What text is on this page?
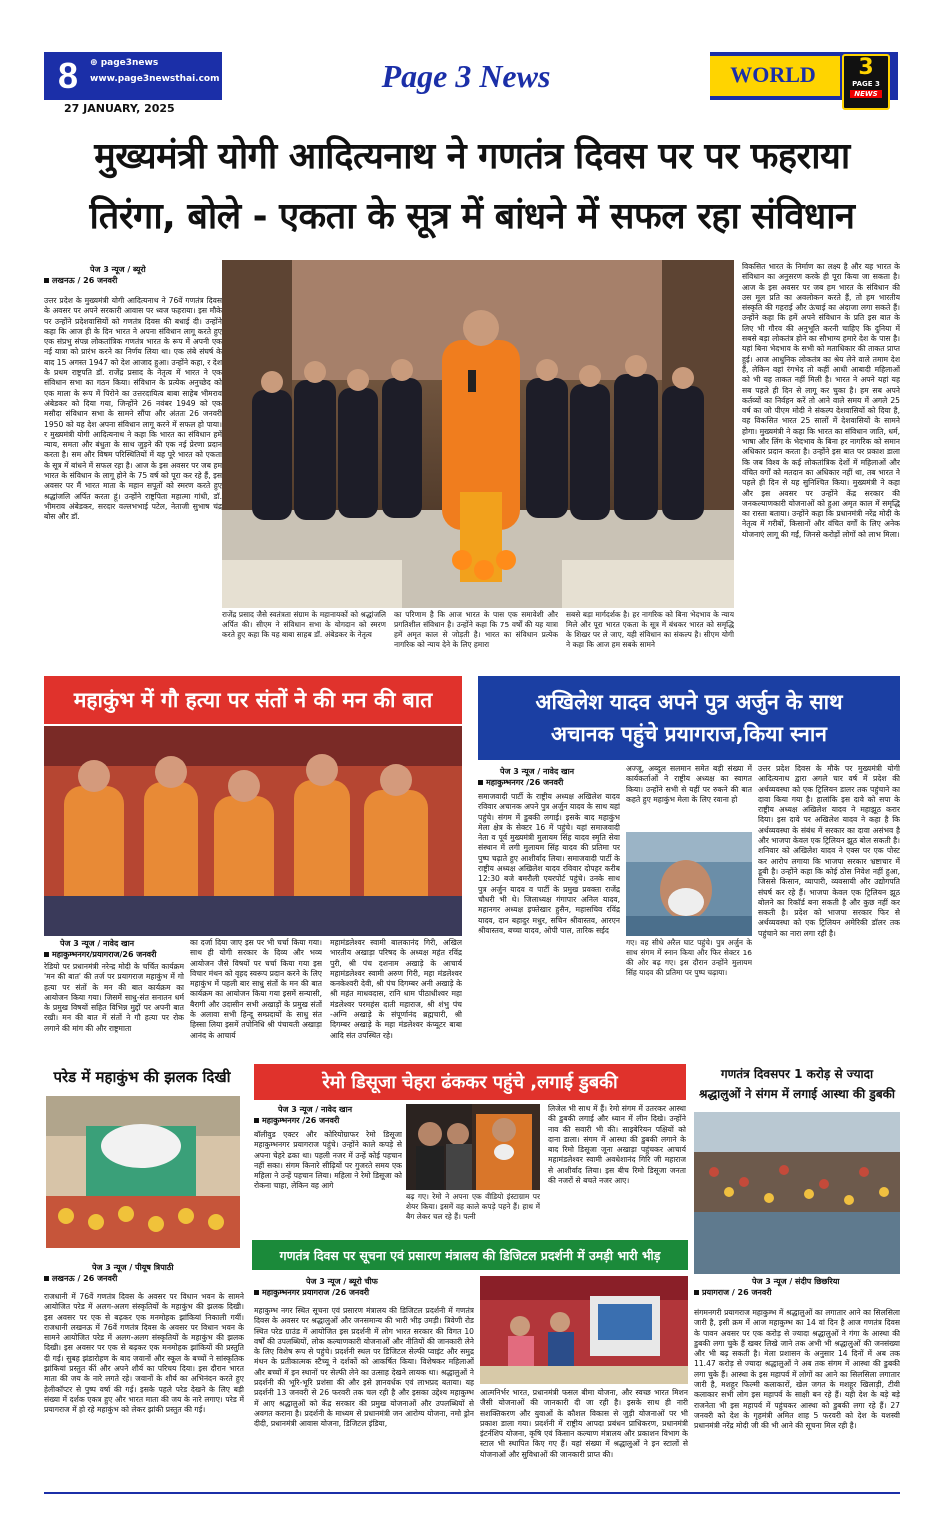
8 ⊕ page3news
www.page3newsthai.com
27 JANUARY, 2025
Page 3 News	WORLD	3
PAGE 3
NEWS
मुख्यमंत्री योगी आदित्यनाथ ने गणतंत्र दिवस पर पर फहराया
तिरंगा, बोले - एकता के सूत्र में बांधने में सफल रहा संविधान
पेज 3 न्यूज / ब्यूरो
लखनऊ / 26 जनवरी

उत्तर प्रदेश के मुख्यमंत्री योगी आदित्यनाथ ने 76वें गणतंत्र दिवस के अवसर पर अपने सरकारी आवास पर ध्वज फहराया। इस मौके पर उन्होंने प्रदेशवासियों को गणतंत्र दिवस की बधाई दी। उन्होंने कहा कि आज ही के दिन भारत ने अपना संविधान लागू करते हुए एक संप्रभु संपन्न लोकतांत्रिक गणतंत्र भारत के रूप में अपनी एक नई यात्रा को प्रारंभ करने का निर्णय लिया था। एक लंबे संघर्ष के बाद 15 अगस्त 1947 को देश आजाद हुआ। उन्होंने कहा, र देश के प्रथम राष्ट्रपति डॉ. राजेंद्र प्रसाद के नेतृत्व में भारत ने एक संविधान सभा का गठन किया। संविधान के प्रत्येक अनुच्छेद को एक माला के रूप में पिरोने का उत्तरदायित्व बाबा साहेब भीमराव अंबेडकर को दिया गया, जिन्होंने 26 नवंबर 1949 को एक मसौदा संविधान सभा के सामने सौंपा और अंततः 26 जनवरी 1950 को यह देश अपना संविधान लागू करने में सफल हो पाया।र मुख्यमंत्री योगी आदित्यनाथ ने कहा कि भारत का संविधान हमें न्याय, समता और बंधुता के साथ जुड़ने की एक नई प्रेरणा प्रदान करता है। सम और विषम परिस्थितियों में यह पूरे भारत को एकता के सूत्र में बांधने में सफल रहा है। आज के इस अवसर पर जब हम भारत के संविधान के लागू होने के 75 वर्ष को पूरा कर रहे हैं, इस अवसर पर मैं भारत माता के महान सपूतों को स्मरण करते हुए श्रद्धांजलि अर्पित करता हूं। उन्होंने राष्ट्रपिता महात्मा गांधी, डॉ. भीमराव अंबेडकर, सरदार वल्लभभाई पटेल, नेताजी सुभाष चंद्र बोस और डॉ.

राजेंद्र प्रसाद जैसे स्वतंत्रता संग्राम के महानायकों को श्रद्धांजलि अर्पित की। सीएम ने संविधान सभा के योगदान को स्मरण करते हुए कहा कि यह बाबा साहब डॉ. अंबेडकर के नेतृत्व
का परिणाम है कि आज भारत के पास एक समावेशी और प्रगतिशील संविधान है। उन्होंने कहा कि 75 वर्षों की यह यात्रा हमें अमृत काल से जोड़ती है। भारत का संविधान प्रत्येक नागरिक को न्याय देने के लिए हमारा
सबसे बड़ा मार्गदर्शक है। हर नागरिक को बिना भेदभाव के न्याय मिले और पूरा भारत एकता के सूत्र में बंधकर भारत को समृद्धि के शिखर पर ले जाए, यही संविधान का संकल्प है। सीएम योगी ने कहा कि आज हम सबके सामने

विकसित भारत के निर्माण का लक्ष्य है और यह भारत के संविधान का अनुसरण करके ही पूरा किया जा सकता है। आज के इस अवसर पर जब हम भारत के संविधान की उस मूल प्रति का अवलोकन करते हैं, तो हम भारतीय संस्कृति की गहराई और ऊंचाई का अंदाजा लगा सकते हैं। उन्होंने कहा कि हमें अपने संविधान के प्रति इस बात के लिए भी गौरव की अनुभूति करनी चाहिए कि दुनिया में सबसे बड़ा लोकतंत्र होने का सौभाग्य हमारे देश के पास है। यहां बिना भेदभाव के सभी को मताधिकार की ताकत प्राप्त हुई। आज आधुनिक लोकतंत्र का श्रेय लेने वाले तमाम देश हैं, लेकिन वहां रंगभेद तो कहीं आधी आबादी महिलाओं को भी यह ताकत नहीं मिली है। भारत ने अपने यहां यह सब पहले ही दिन से लागू कर चुका है। हम सब अपने कर्तव्यों का निर्वहन करें तो आने वाले समय में अगले 25 वर्ष का जो पीएम मोदी ने संकल्प देशवासियों को दिया है, वह विकसित भारत 25 सालों में देशवासियों के सामने होगा। मुख्यमंत्री ने कहा कि भारत का संविधान जाति, धर्म, भाषा और लिंग के भेदभाव के बिना हर नागरिक को समान अधिकार प्रदान करता है। उन्होंने इस बात पर प्रकाश डाला कि जब विश्व के कई लोकतांत्रिक देशों में महिलाओं और वंचित वर्गों को मतदान का अधिकार नहीं था, तब भारत ने पहले ही दिन से यह सुनिश्चित किया। मुख्यमंत्री ने कहा और इस अवसर पर उन्होंने केंद्र सरकार की जनकल्याणकारी योजनाओं को हुआ अमृत काल में समृद्धि का रास्ता बताया। उन्होंने कहा कि प्रधानमंत्री नरेंद्र मोदी के नेतृत्व में गरीबों, किसानों और वंचित वर्गों के लिए अनेक योजनाएं लागू की गईं, जिनसे करोड़ों लोगों को लाभ मिला।

महाकुंभ में गौ हत्या पर संतों ने की मन की बात
पेज 3 न्यूज / नावेद खान
महाकुम्भनगर/प्रयागराज/26 जनवरी

रेडियो पर प्रधानमंत्री नरेन्द्र मोदी के चर्चित कार्यक्रम 'मन की बात' की तर्ज पर प्रयागराज महाकुंभ में गो हत्या पर संतों के मन की बात कार्यक्रम का आयोजन किया गया। जिसमें साधु-संत सनातन धर्म के प्रमुख विषयों सहित विभिन्न मुद्दों पर अपनी बात रखी। मन की बात में संतों ने गौ हत्या पर रोक लगाने की मांग की और राष्ट्रमाता

का दर्जा दिया जाए इस पर भी चर्चा किया गया। साथ ही योगी सरकार के दिव्य और भव्य आयोजन जैसे विषयों पर चर्चा किया गया इस विचार मंथन को वृहद स्वरूप प्रदान करने के लिए महाकुंभ में पहली बार साधु संतों के मन की बात कार्यक्रम का आयोजन किया गया इसमें सन्यासी, बैरागी और उदासीन सभी अखाड़ों के प्रमुख संतों के अलावा सभी हिन्दू सम्प्रदायों के साधु संत हिस्सा लिया इसमें तपोनिधि श्री पंचायती अखाड़ा आनंद के आचार्य

महामंडलेश्वर स्वामी बालकानंद गिरी, अखिल भारतीय अखाड़ा परिषद के अध्यक्ष महंत रविंद्र पुरी, श्री पंच दशनाम अखाड़े के आचार्य महामंडलेश्वर स्वामी अरुण गिरी, महा मंडलेश्वर कनकेश्वरी देवी, श्री पंच दिगम्बर अनी अखाड़े के श्री महंत माधवदास, रानि धाम पीठाधीश्वर महा मंडलेश्वर परमहंस दाती महाराज, श्री शंभु पंच -अग्नि अखाड़े के संपूर्णानंद ब्रह्मचारी, श्री दिगम्बर अखाड़े के महा मंडलेश्वर कंप्यूटर बाबा आदि संत उपस्थित रहे।

अखिलेश यादव अपने पुत्र अर्जुन के साथ
अचानक पहुंचे प्रयागराज,किया स्नान
पेज 3 न्यूज / नावेद खान
महाकुम्भनगर /26 जनवरी

समाजवादी पार्टी के राष्ट्रीय अध्यक्ष अखिलेश यादव रविवार अचानक अपने पुत्र अर्जुन यादव के साथ यहां पहुंचे। संगम में डुबकी लगाई। इसके बाद महाकुंभ मेला क्षेत्र के सेक्टर 16 में पहुंचे। यहां समाजवादी नेता व पूर्व मुख्यमंत्री मुलायम सिंह यादव स्मृति सेवा संस्थान में लगी मुलायम सिंह यादव की प्रतिमा पर पुष्प चढ़ाते हुए आशीर्वाद लिया। समाजवादी पार्टी के राष्ट्रीय अध्यक्ष अखिलेश यादव रविवार दोपहर करीब 12:30 बजे बमरौली एयरपोर्ट पहुंचे। उनके साथ पुत्र अर्जुन यादव व पार्टी के प्रमुख प्रवक्ता राजेंद्र चौधरी भी थे। जिलाध्यक्ष गंगापार अनिल यादव, महानगर अध्यक्ष इफ्तेखार हुसैन, महासचिव रविंद्र यादव, दान बहादुर मधुर, सचिन श्रीवास्तव, आरएन श्रीवास्तव, बच्चा यादव, ओपी पाल, तारिक सईद

अज्जू, अब्दुल सलमान समेत बड़ी संख्या में कार्यकर्ताओं ने राष्ट्रीय अध्यक्ष का स्वागत किया। उन्होंने सभी से यहीं पर रुकने की बात कहते हुए महाकुंभ मेला के लिए रवाना हो

गए। वह सीधे अरैल घाट पहुंचे। पुत्र अर्जुन के साथ संगम में स्नान किया और फिर सेक्टर 16 की ओर बढ़ गए। इस दौरान उन्होंने मुलायम सिंह यादव की प्रतिमा पर पुष्प चढ़ाया।

उत्तर प्रदेश दिवस के मौके पर मुख्यमंत्री योगी आदित्यनाथ द्वारा अगले चार वर्ष में प्रदेश की अर्थव्यवस्था को एक ट्रिलियन डालर तक पहुंचाने का दावा किया गया है। हालांकि इस दावे को सपा के राष्ट्रीय अध्यक्ष अखिलेश यादव ने महाझूठ करार दिया। इस दावे पर अखिलेश यादव ने कहा है कि अर्थव्यवस्था के संबंध में सरकार का दावा असंभव है और भाजपा केवल एक ट्रिलियन झूठ बोल सकती है। शनिवार को अखिलेश यादव ने एक्स पर एक पोस्ट कर आरोप लगाया कि भाजपा सरकार भ्रष्टाचार में डूबी है। उन्होंने कहा कि कोई ठोस निवेश नहीं हुआ, जिससे किसान, व्यापारी, व्यवसायी और उद्योगपति संघर्ष कर रहे हैं। भाजपा केवल एक ट्रिलियन झूठ बोलने का रिकॉर्ड बना सकती है और कुछ नहीं कर सकती है। प्रदेश को भाजपा सरकार फिर से अर्थव्यवस्था को एक ट्रिलियन अमेरिकी डॉलर तक पहुंचाने का नारा लगा रही है।

परेड में महाकुंभ की झलक दिखी
पेज 3 न्यूज / पीयूष त्रिपाठी
लखनऊ / 26 जनवरी

राजधानी में 76वें गणतंत्र दिवस के अवसर पर विधान भवन के सामने आयोजित परेड में अलग-अलग संस्कृतियों के महाकुंभ की झलक दिखी। इस अवसर पर एक से बढ़कर एक मनमोहक झांकियां निकाली गयीं। राजधानी लखनऊ में 76वें गणतंत्र दिवस के अवसर पर विधान भवन के सामने आयोजित परेड में अलग-अलग संस्कृतियों के महाकुंभ की झलक दिखी। इस अवसर पर एक से बढ़कर एक मनमोहक झांकियों की प्रस्तुति दी गई। सुबह झंडारोहण के बाद जवानों और स्कूल के बच्चों ने सांस्कृतिक झांकियां प्रस्तुत कीं और अपने शौर्य का परिचय दिया। इस दौरान भारत माता की जय के नारे लगते रहे। जवानों के शौर्य का अभिनंदन करते हुए हेलीकॉप्टर से पुष्प वर्षा की गई। इसके पहले परेड देखने के लिए बड़ी संख्या में दर्शक एकत्र हुए और भारत माता की जय के नारे लगाए। परेड में प्रयागराज में हो रहे महाकुंभ को लेकर झांकी प्रस्तुत की गई।

रेमो डिसूजा चेहरा ढंककर पहुंचे ,लगाई डुबकी
पेज 3 न्यूज / नावेद खान
महाकुम्भनगर /26 जनवरी

बॉलीवुड एक्टर और कोरियोग्राफर रेमो डिसूजा महाकुम्भनगर प्रयागराज पहुंचे। उन्होंने काले कपड़े से अपना चेहरे ढका था। पहली नजर में उन्हें कोई पहचान नहीं सका। संगम किनारे सीढ़ियों पर गुजरते समय एक महिला ने उन्हें पहचान लिया। महिला ने रेमो डिसूजा को रोकना चाहा, लेकिन वह आगे

बढ़ गए। रेमो ने अपना एक वीडियो इंस्टाग्राम पर शेयर किया। इसमें वह काले कपड़े पहने हैं। हाथ में बैग लेकर चल रहे हैं। पत्नी

लिजेल भी साथ में हैं। रेमो संगम में उतरकर आस्था की डुबकी लगाई और ध्यान में लीन दिखे। उन्होंने नाव की सवारी भी की। साइबेरियन पक्षियों को दाना डाला। संगम में आस्था की डुबकी लगाने के बाद रिमो डिसूजा जूना अखाड़ा पहुंचकर आचार्य महामंडलेश्वर स्वामी अवधेशानंद गिरि जी महाराज से आशीर्वाद लिया। इस बीच रिमो डिसूजा जनता की नजरों से बचते नजर आए।

गणतंत्र दिवसपर 1 करोड़ से ज्यादा
श्रद्धालुओं ने संगम में लगाई आस्था की डुबकी
पेज 3 न्यूज / संदीप छिछरिया
प्रयागराज / 26 जनवरी

संगमनगरी प्रयागराज महाकुम्भ में श्रद्धालुओं का लगातार आने का सिलसिला जारी है, इसी क्रम में आज महाकुम्भ का 14 वां दिन है आज गणतंत्र दिवस के पावन अवसर पर एक करोड़ से ज्यादा श्रद्धालुओं ने गंगा के आस्था की डुबकी लगा चुके हैं खबर लिखे जाने तक अभी भी श्रद्धालुओं की जनसंख्या और भी बढ़ सकती है। मेला प्रशासन के अनुसार 14 दिनों में अब तक 11.47 करोड़ से ज्यादा श्रद्धालुओं ने अब तक संगम में आस्था की डुबकी लगा चुके हैं। आस्था के इस महापर्व में लोगों का आने का सिलसिला लगातार जारी है, मशहूर फिल्मी कलाकारों, खेल जगत के मशहूर खिलाड़ी, टीवी कलाकार सभी लोग इस महापर्व के साक्षी बन रहे हैं। यही देश के बड़े बड़े राजनेता भी इस महापर्व में पहुंचकर आस्था को डुबकी लगा रहे हैं। 27 जनवरी को देश के गृहमंत्री अमित शाह 5 फरवरी को देश के यशस्वी प्रधानमंत्री नरेंद्र मोदी जी की भी आने की सूचना मिल रही है।

गणतंत्र दिवस पर सूचना एवं प्रसारण मंत्रालय की डिजिटल प्रदर्शनी में उमड़ी भारी भीड़
पेज 3 न्यूज / ब्यूरो चीफ
महाकुम्भनगर प्रयागराज /26 जनवरी

महाकुम्भ नगर स्थित सूचना एवं प्रसारण मंत्रालय की डिजिटल प्रदर्शनी में गणतंत्र दिवस के अवसर पर श्रद्धालुओं और जनसमान्य की भारी भीड़ उमड़ी। त्रिवेणी रोड स्थित परेड ग्राउंड में आयोजित इस प्रदर्शनी में लोग भारत सरकार की विगत 10 वर्षों की उपलब्धियों, लोक कल्याणकारी योजनाओं और नीतियों की जानकारी लेने के लिए विशेष रूप से पहुंचे। प्रदर्शनी स्थल पर डिजिटल सेल्फी प्वाइंट और समुद्र मंथन के प्रतीकात्मक स्टैच्यू ने दर्शकों को आकर्षित किया। विशेषकर महिलाओं और बच्चों में इन स्थानों पर सेल्फी लेने का उत्साह देखने लायक था। श्रद्धालुओं ने प्रदर्शनी की भूरि-भूरि प्रशंसा की और इसे ज्ञानवर्धक एवं लाभप्रद बताया। यह प्रदर्शनी 13 जनवरी से 26 फरवरी तक चल रही है और इसका उद्देश्य महाकुम्भ में आए श्रद्धालुओं को केंद्र सरकार की प्रमुख योजनाओं और उपलब्धियों से अवगत कराना है। प्रदर्शनी के माध्यम से प्रधानमंत्री जन आरोग्य योजना, नमो ड्रोन दीदी, प्रधानमंत्री आवास योजना, डिजिटल इंडिया,

आत्मनिर्भर भारत, प्रधानमंत्री फसल बीमा योजना, और स्वच्छ भारत मिशन जैसी योजनाओं की जानकारी दी जा रही है। इसके साथ ही नारी सशक्तिकरण और युवाओं के कौशल विकास से जुड़ी योजनाओं पर भी प्रकाश डाला गया। प्रदर्शनी में राष्ट्रीय आपदा प्रबंधन प्राधिकरण, प्रधानमंत्री इंटर्नशिप योजना, कृषि एवं किसान कल्याण मंत्रालय और प्रकाशन विभाग के स्टाल भी स्थापित किए गए हैं। यहां संख्या में श्रद्धालुओं ने इन स्टालों से योजनाओं और सुविधाओं की जानकारी प्राप्त की।
